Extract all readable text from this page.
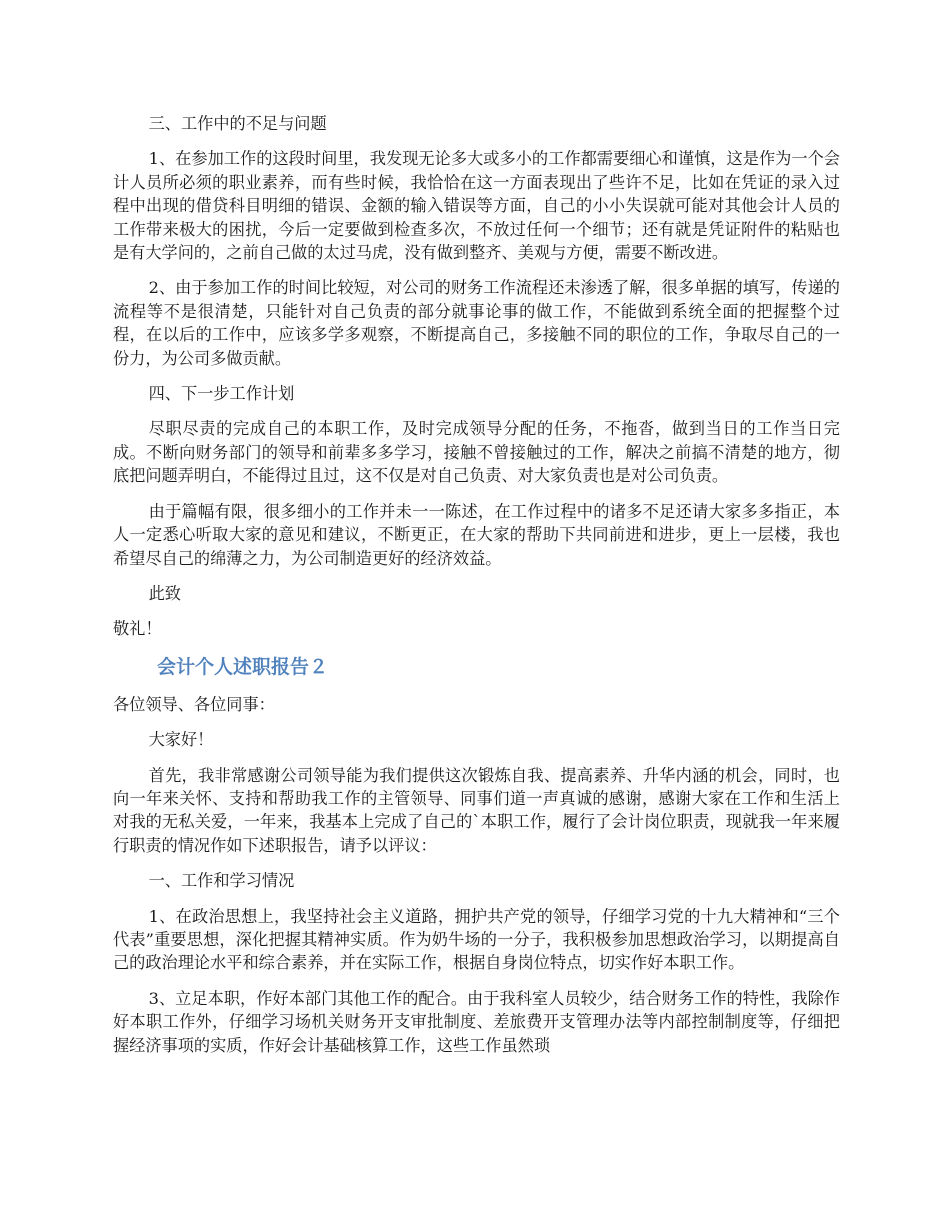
三、工作中的不足与问题

1、在参加工作的这段时间里，我发现无论多大或多小的工作都需要细心和谨慎，这是作为一个会计人员所必须的职业素养，而有些时候，我恰恰在这一方面表现出了些许不足，比如在凭证的录入过程中出现的借贷科目明细的错误、金额的输入错误等方面，自己的小小失误就可能对其他会计人员的工作带来极大的困扰，今后一定要做到检查多次，不放过任何一个细节；还有就是凭证附件的粘贴也是有大学问的，之前自己做的太过马虎，没有做到整齐、美观与方便，需要不断改进。

2、由于参加工作的时间比较短，对公司的财务工作流程还未渗透了解，很多单据的填写，传递的流程等不是很清楚，只能针对自己负责的部分就事论事的做工作，不能做到系统全面的把握整个过程，在以后的工作中，应该多学多观察，不断提高自己，多接触不同的职位的工作，争取尽自己的一份力，为公司多做贡献。

四、下一步工作计划

尽职尽责的完成自己的本职工作，及时完成领导分配的任务，不拖沓，做到当日的工作当日完成。不断向财务部门的领导和前辈多多学习，接触不曾接触过的工作，解决之前搞不清楚的地方，彻底把问题弄明白，不能得过且过，这不仅是对自己负责、对大家负责也是对公司负责。

由于篇幅有限，很多细小的工作并未一一陈述，在工作过程中的诸多不足还请大家多多指正，本人一定悉心听取大家的意见和建议，不断更正，在大家的帮助下共同前进和进步，更上一层楼，我也希望尽自己的绵薄之力，为公司制造更好的经济效益。

此致

敬礼！

会计个人述职报告２

各位领导、各位同事：

大家好！

首先，我非常感谢公司领导能为我们提供这次锻炼自我、提高素养、升华内涵的机会，同时，也向一年来关怀、支持和帮助我工作的主管领导、同事们道一声真诚的感谢，感谢大家在工作和生活上对我的无私关爱，一年来，我基本上完成了自己的`本职工作，履行了会计岗位职责，现就我一年来履行职责的情况作如下述职报告，请予以评议：

一、工作和学习情况

1、在政治思想上，我坚持社会主义道路，拥护共产党的领导，仔细学习党的十九大精神和“三个代表”重要思想，深化把握其精神实质。作为奶牛场的一分子，我积极参加思想政治学习，以期提高自己的政治理论水平和综合素养，并在实际工作，根据自身岗位特点，切实作好本职工作。

3、立足本职，作好本部门其他工作的配合。由于我科室人员较少，结合财务工作的特性，我除作好本职工作外，仔细学习场机关财务开支审批制度、差旅费开支管理办法等内部控制制度等，仔细把握经济事项的实质，作好会计基础核算工作，这些工作虽然琐
